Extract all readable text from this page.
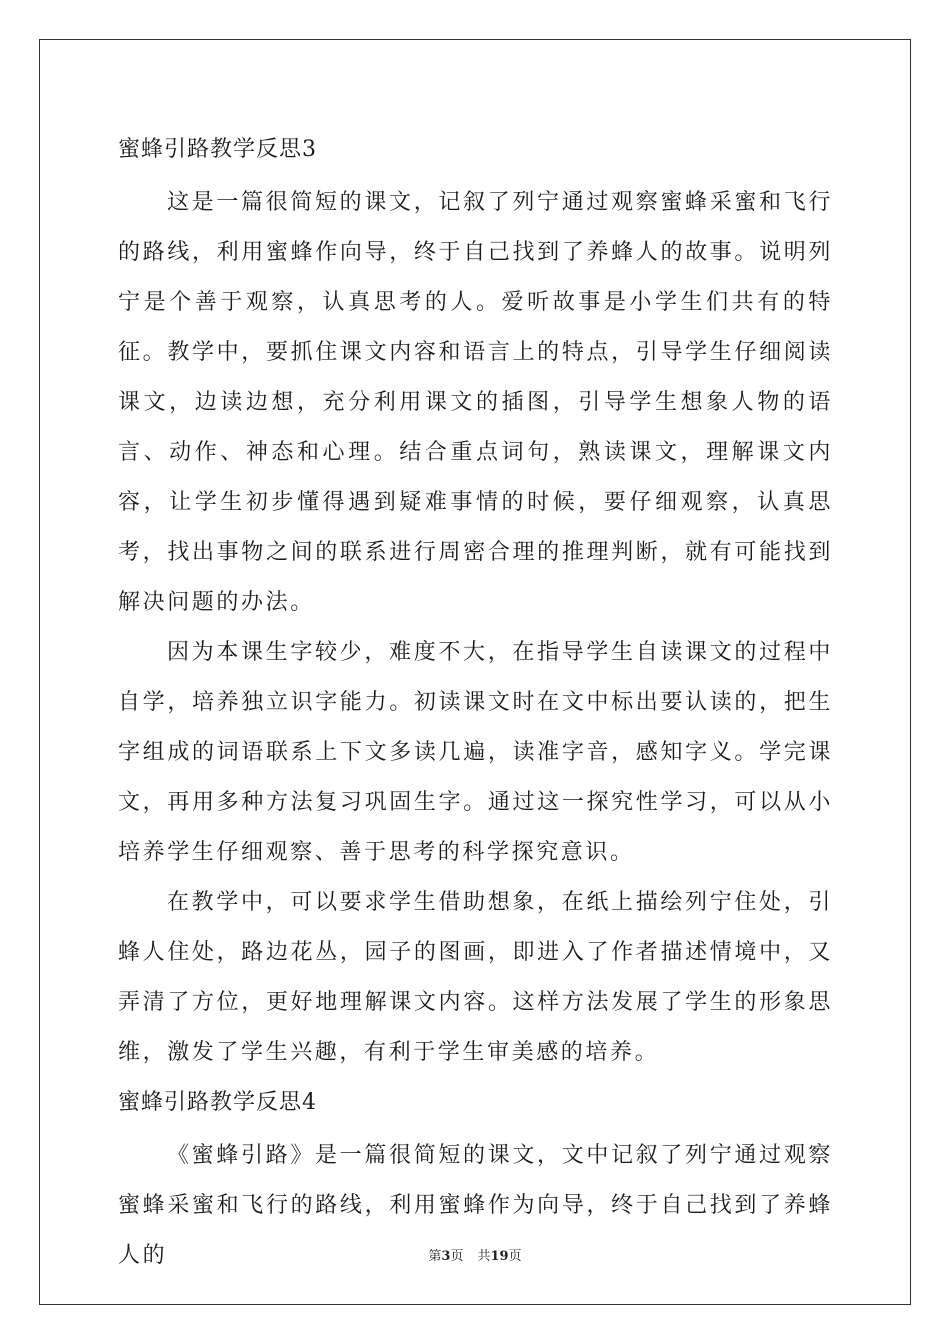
蜜蜂引路教学反思3

这是一篇很简短的课文，记叙了列宁通过观察蜜蜂采蜜和飞行的路线，利用蜜蜂作向导，终于自己找到了养蜂人的故事。说明列宁是个善于观察，认真思考的人。爱听故事是小学生们共有的特征。教学中，要抓住课文内容和语言上的特点，引导学生仔细阅读课文，边读边想，充分利用课文的插图，引导学生想象人物的语言、动作、神态和心理。结合重点词句，熟读课文，理解课文内容，让学生初步懂得遇到疑难事情的时候，要仔细观察，认真思考，找出事物之间的联系进行周密合理的推理判断，就有可能找到解决问题的办法。

因为本课生字较少，难度不大，在指导学生自读课文的过程中自学，培养独立识字能力。初读课文时在文中标出要认读的，把生字组成的词语联系上下文多读几遍，读准字音，感知字义。学完课文，再用多种方法复习巩固生字。通过这一探究性学习，可以从小培养学生仔细观察、善于思考的科学探究意识。

在教学中，可以要求学生借助想象，在纸上描绘列宁住处，引蜂人住处，路边花丛，园子的图画，即进入了作者描述情境中，又弄清了方位，更好地理解课文内容。这样方法发展了学生的形象思维，激发了学生兴趣，有利于学生审美感的培养。

蜜蜂引路教学反思4

《蜜蜂引路》是一篇很简短的课文，文中记叙了列宁通过观察蜜蜂采蜜和飞行的路线，利用蜜蜂作为向导，终于自己找到了养蜂人的	第3页 共19页
